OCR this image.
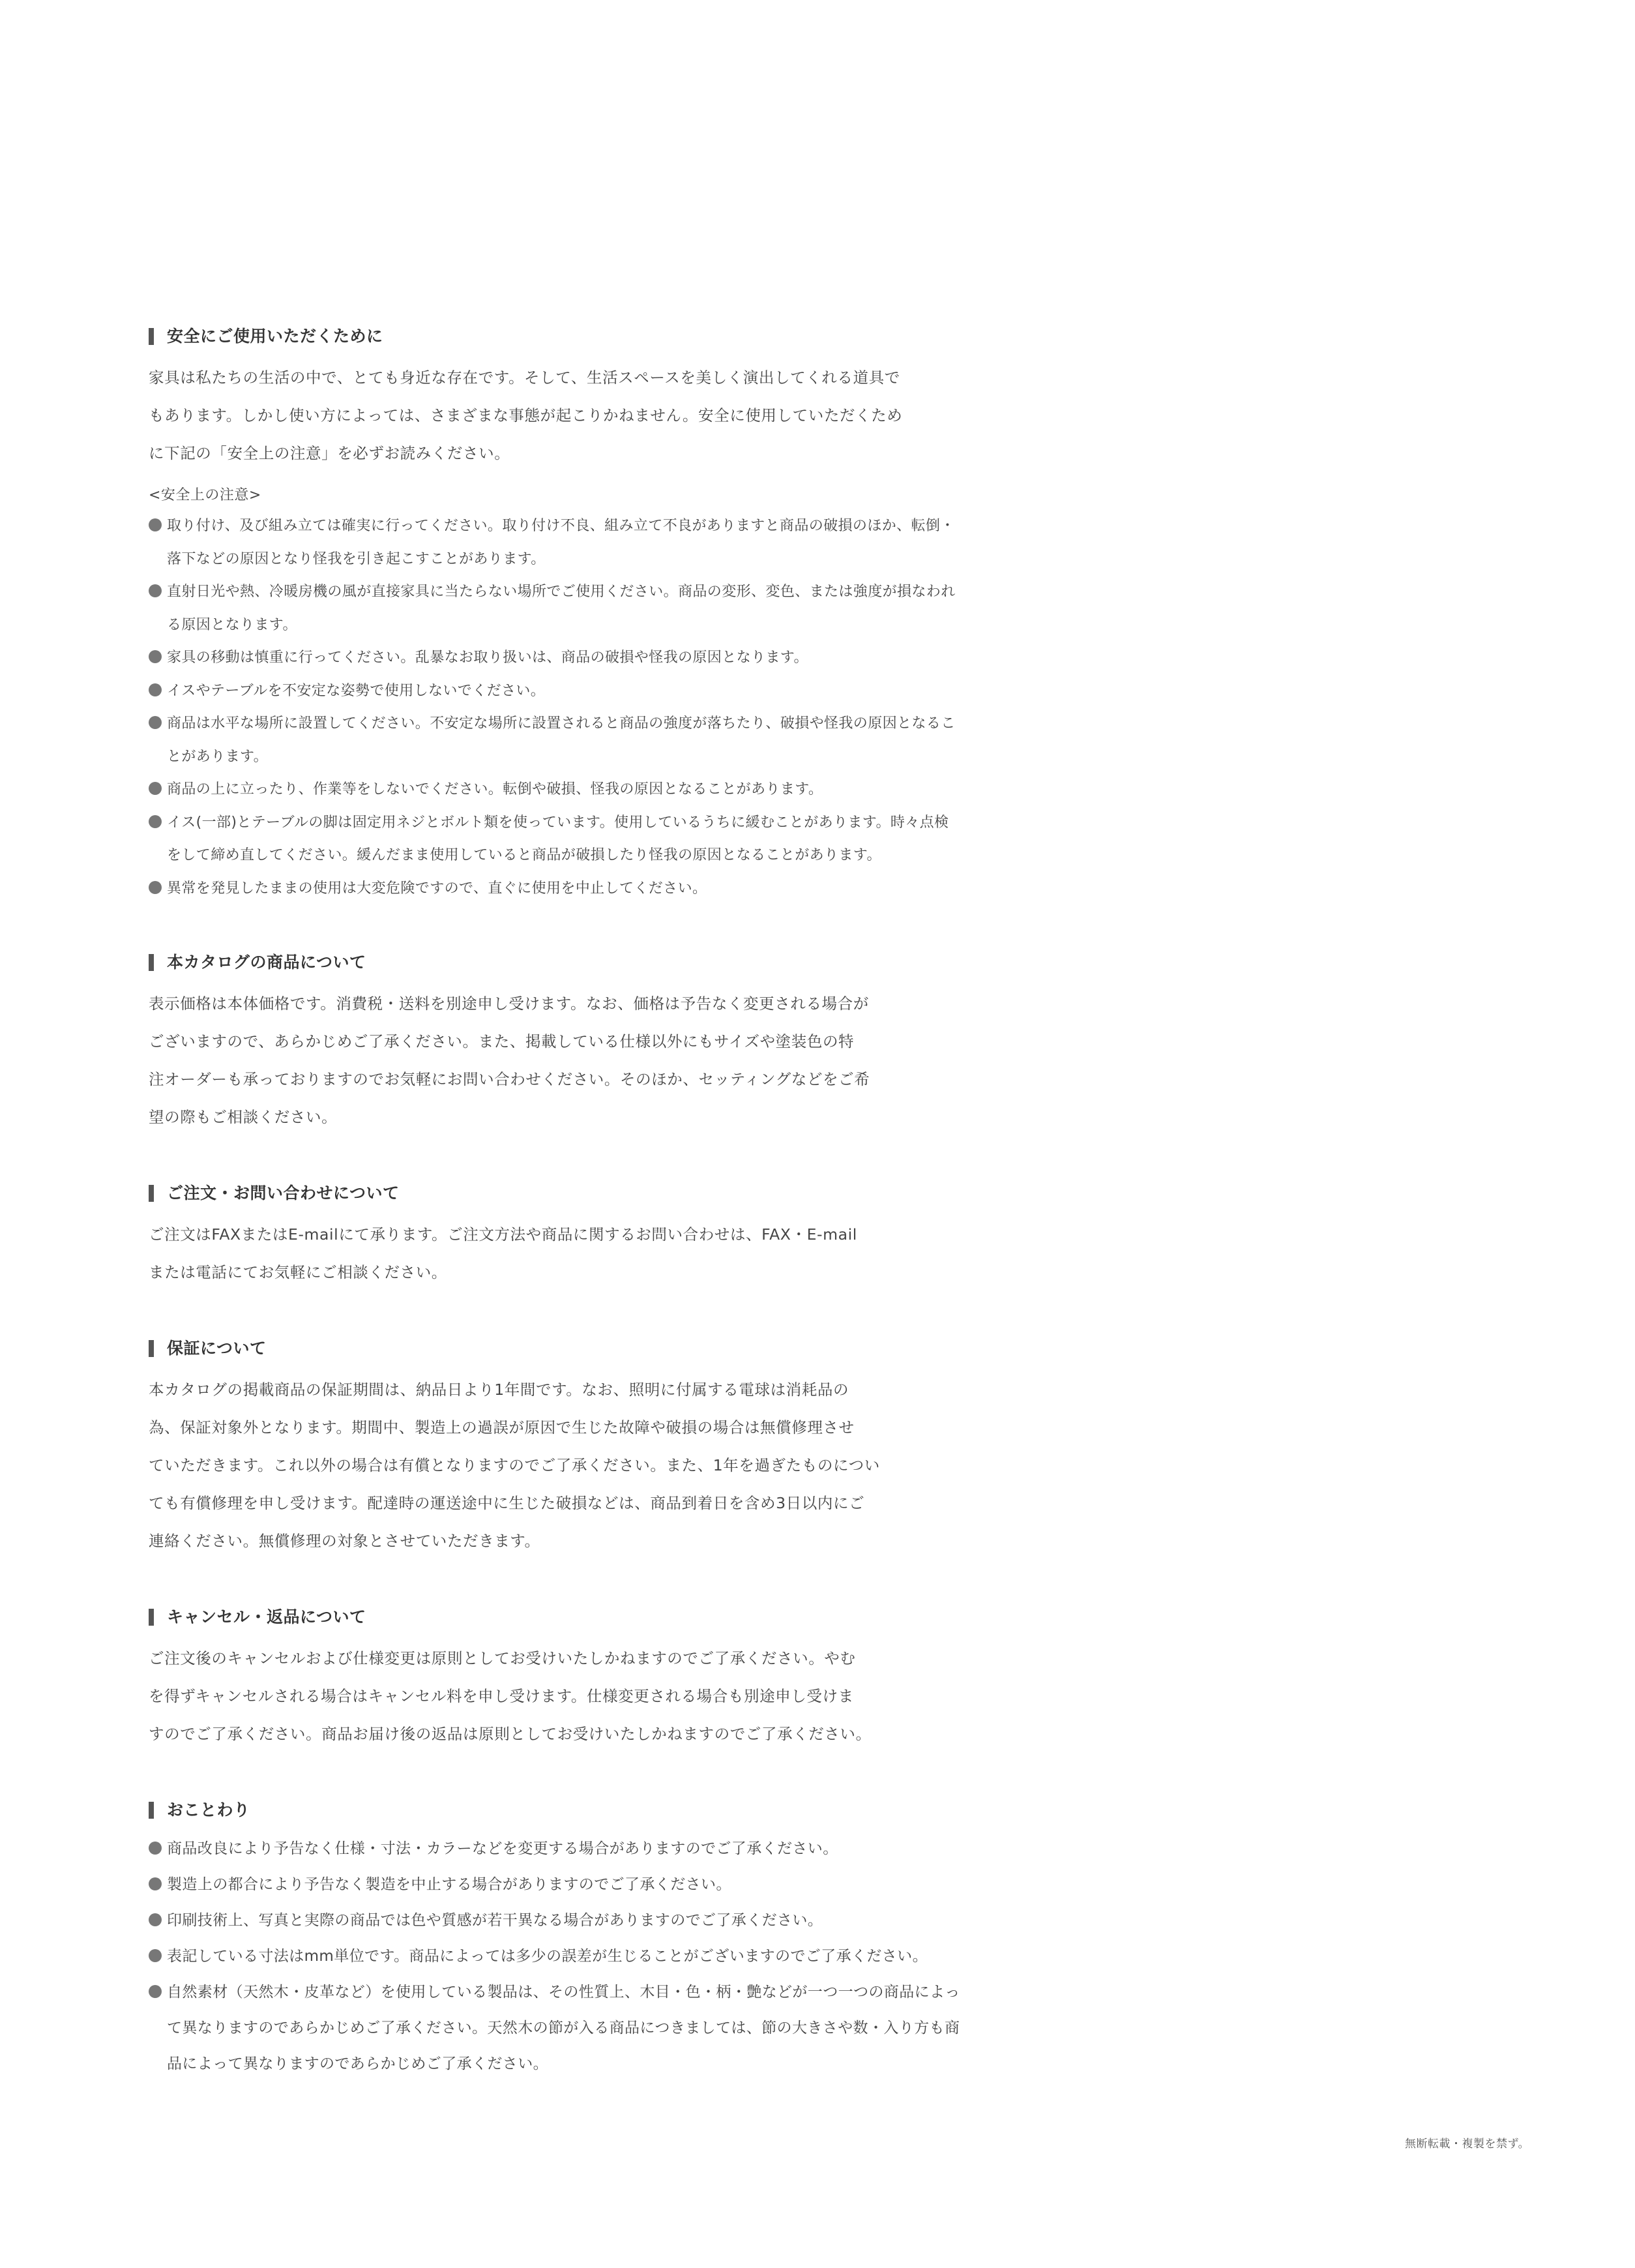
安全にご使用いただくために

家具は私たちの生活の中で、とても身近な存在です。そして、生活スペースを美しく演出してくれる道具で

もあります。しかし使い方によっては、さまざまな事態が起こりかねません。安全に使用していただくため

に下記の「安全上の注意」を必ずお読みください。

<安全上の注意>

取り付け、及び組み立ては確実に行ってください。取り付け不良、組み立て不良がありますと商品の破損のほか、転倒・落下などの原因となり怪我を引き起こすことがあります。
直射日光や熱、冷暖房機の風が直接家具に当たらない場所でご使用ください。商品の変形、変色、または強度が損なわれる原因となります。
家具の移動は慎重に行ってください。乱暴なお取り扱いは、商品の破損や怪我の原因となります。
イスやテーブルを不安定な姿勢で使用しないでください。
商品は水平な場所に設置してください。不安定な場所に設置されると商品の強度が落ちたり、破損や怪我の原因となることがあります。
商品の上に立ったり、作業等をしないでください。転倒や破損、怪我の原因となることがあります。
イス(一部)とテーブルの脚は固定用ネジとボルト類を使っています。使用しているうちに緩むことがあります。時々点検をして締め直してください。緩んだまま使用していると商品が破損したり怪我の原因となることがあります。
異常を発見したままの使用は大変危険ですので、直ぐに使用を中止してください。
本カタログの商品について

表示価格は本体価格です。消費税・送料を別途申し受けます。なお、価格は予告なく変更される場合が

ございますので、あらかじめご了承ください。また、掲載している仕様以外にもサイズや塗装色の特

注オーダーも承っておりますのでお気軽にお問い合わせください。そのほか、セッティングなどをご希

望の際もご相談ください。

ご注文・お問い合わせについて

ご注文はFAXまたはE-mailにて承ります。ご注文方法や商品に関するお問い合わせは、FAX・E-mail

または電話にてお気軽にご相談ください。

保証について

本カタログの掲載商品の保証期間は、納品日より1年間です。なお、照明に付属する電球は消耗品の

為、保証対象外となります。期間中、製造上の過誤が原因で生じた故障や破損の場合は無償修理させ

ていただきます。これ以外の場合は有償となりますのでご了承ください。また、1年を過ぎたものについ

ても有償修理を申し受けます。配達時の運送途中に生じた破損などは、商品到着日を含め3日以内にご

連絡ください。無償修理の対象とさせていただきます。

キャンセル・返品について

ご注文後のキャンセルおよび仕様変更は原則としてお受けいたしかねますのでご了承ください。やむ

を得ずキャンセルされる場合はキャンセル料を申し受けます。仕様変更される場合も別途申し受けま

すのでご了承ください。商品お届け後の返品は原則としてお受けいたしかねますのでご了承ください。

おことわり
商品改良により予告なく仕様・寸法・カラーなどを変更する場合がありますのでご了承ください。
製造上の都合により予告なく製造を中止する場合がありますのでご了承ください。
印刷技術上、写真と実際の商品では色や質感が若干異なる場合がありますのでご了承ください。
表記している寸法はmm単位です。商品によっては多少の誤差が生じることがございますのでご了承ください。
自然素材（天然木・皮革など）を使用している製品は、その性質上、木目・色・柄・艶などが一つ一つの商品によって異なりますのであらかじめご了承ください。天然木の節が入る商品につきましては、節の大きさや数・入り方も商品によって異なりますのであらかじめご了承ください。
無断転載・複製を禁ず。
